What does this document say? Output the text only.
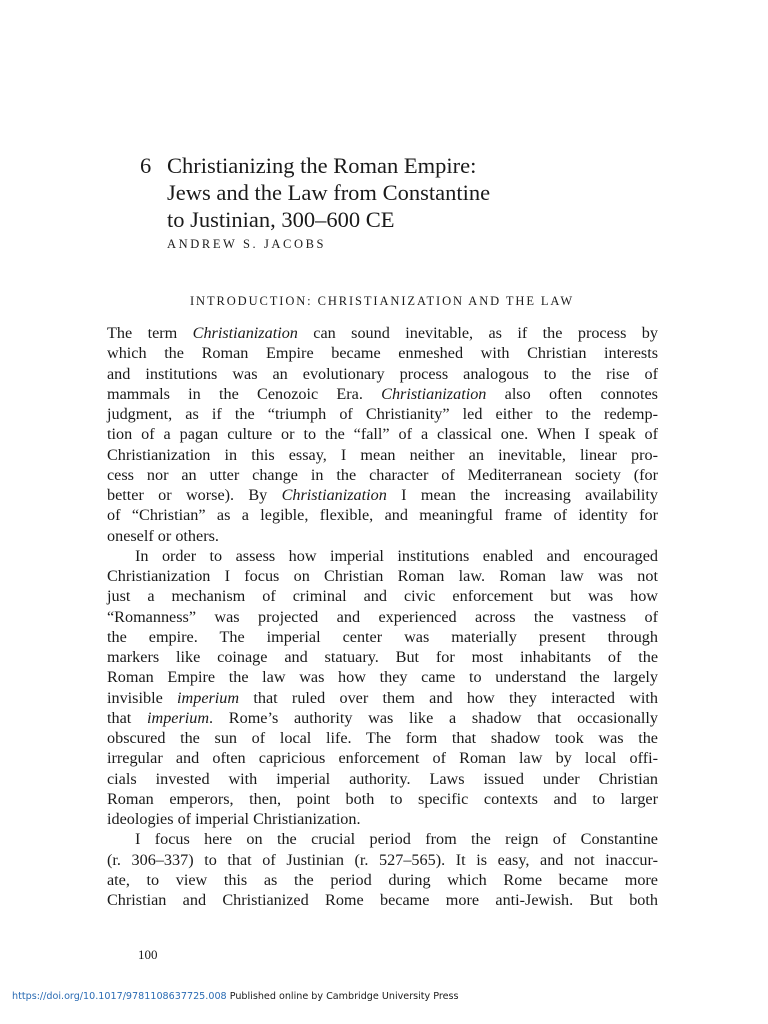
6 Christianizing the Roman Empire:
Jews and the Law from Constantine
to Justinian, 300–600 CE
ANDREW S. JACOBS
INTRODUCTION: CHRISTIANIZATION AND THE LAW
The term Christianization can sound inevitable, as if the process by
which the Roman Empire became enmeshed with Christian interests
and institutions was an evolutionary process analogous to the rise of
mammals in the Cenozoic Era. Christianization also often connotes
judgment, as if the “triumph of Christianity” led either to the redemp-
tion of a pagan culture or to the “fall” of a classical one. When I speak of
Christianization in this essay, I mean neither an inevitable, linear pro-
cess nor an utter change in the character of Mediterranean society (for
better or worse). By Christianization I mean the increasing availability
of “Christian” as a legible, flexible, and meaningful frame of identity for
oneself or others.
In order to assess how imperial institutions enabled and encouraged
Christianization I focus on Christian Roman law. Roman law was not
just a mechanism of criminal and civic enforcement but was how
“Romanness” was projected and experienced across the vastness of
the empire. The imperial center was materially present through
markers like coinage and statuary. But for most inhabitants of the
Roman Empire the law was how they came to understand the largely
invisible imperium that ruled over them and how they interacted with
that imperium. Rome’s authority was like a shadow that occasionally
obscured the sun of local life. The form that shadow took was the
irregular and often capricious enforcement of Roman law by local offi-
cials invested with imperial authority. Laws issued under Christian
Roman emperors, then, point both to specific contexts and to larger
ideologies of imperial Christianization.
I focus here on the crucial period from the reign of Constantine
(r. 306–337) to that of Justinian (r. 527–565). It is easy, and not inaccur-
ate, to view this as the period during which Rome became more
Christian and Christianized Rome became more anti-Jewish. But both
100
https://doi.org/10.1017/9781108637725.008 Published online by Cambridge University Press
